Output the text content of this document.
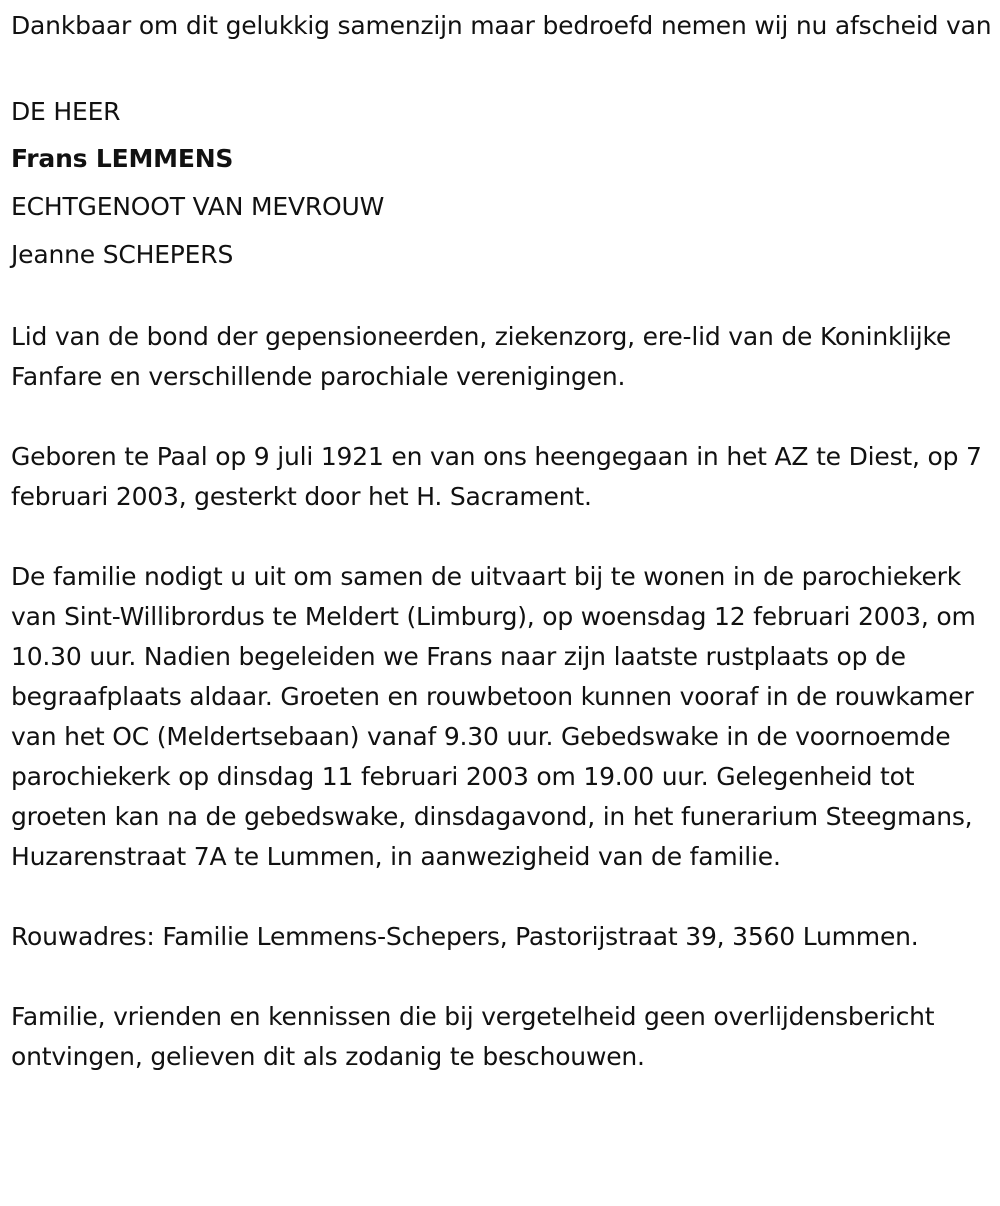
Dankbaar om dit gelukkig samenzijn maar bedroefd nemen wij nu afscheid van

DE HEER
Frans LEMMENS
ECHTGENOOT VAN MEVROUW
Jeanne SCHEPERS

Lid van de bond der gepensioneerden, ziekenzorg, ere-lid van de Koninklijke Fanfare en verschillende parochiale verenigingen.

Geboren te Paal op 9 juli 1921 en van ons heengegaan in het AZ te Diest, op 7 februari 2003, gesterkt door het H. Sacrament.

De familie nodigt u uit om samen de uitvaart bij te wonen in de parochiekerk van Sint-Willibrordus te Meldert (Limburg), op woensdag 12 februari 2003, om 10.30 uur. Nadien begeleiden we Frans naar zijn laatste rustplaats op de begraafplaats aldaar. Groeten en rouwbetoon kunnen vooraf in de rouwkamer van het OC (Meldertsebaan) vanaf 9.30 uur. Gebedswake in de voornoemde parochiekerk op dinsdag 11 februari 2003 om 19.00 uur. Gelegenheid tot groeten kan na de gebedswake, dinsdagavond, in het funerarium Steegmans, Huzarenstraat 7A te Lummen, in aanwezigheid van de familie.

Rouwadres: Familie Lemmens-Schepers, Pastorijstraat 39, 3560 Lummen.

Familie, vrienden en kennissen die bij vergetelheid geen overlijdensbericht ontvingen, gelieven dit als zodanig te beschouwen.
